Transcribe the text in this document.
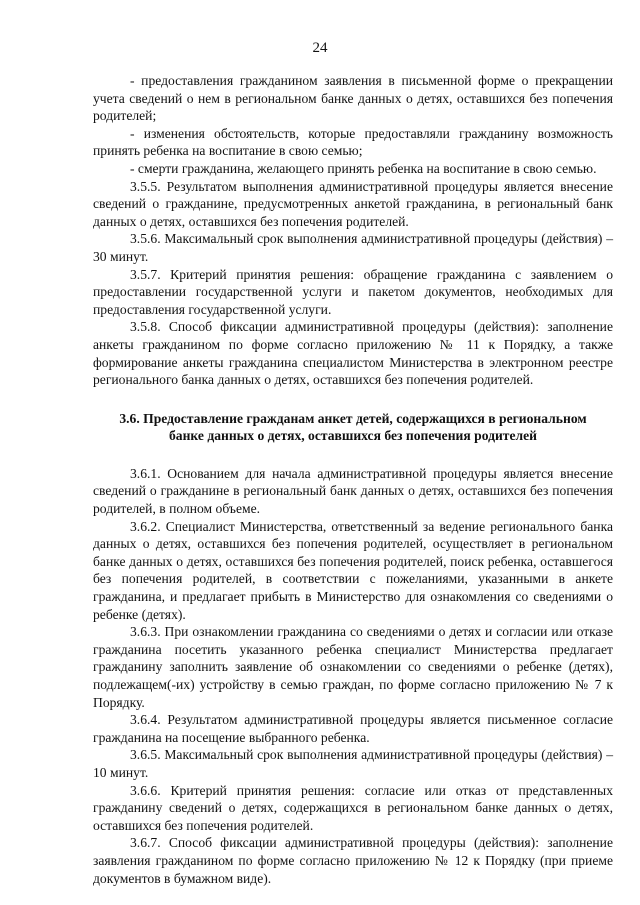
24

- предоставления гражданином заявления в письменной форме о прекращении учета сведений о нем в региональном банке данных о детях, оставшихся без попечения родителей;

- изменения обстоятельств, которые предоставляли гражданину возможность принять ребенка на воспитание в свою семью;

- смерти гражданина, желающего принять ребенка на воспитание в свою семью.

3.5.5. Результатом выполнения административной процедуры является внесение сведений о гражданине, предусмотренных анкетой гражданина, в региональный банк данных о детях, оставшихся без попечения родителей.

3.5.6. Максимальный срок выполнения административной процедуры (действия) – 30 минут.

3.5.7. Критерий принятия решения: обращение гражданина с заявлением о предоставлении государственной услуги и пакетом документов, необходимых для предоставления государственной услуги.

3.5.8. Способ фиксации административной процедуры (действия): заполнение анкеты гражданином по форме согласно приложению № 11 к Порядку, а также формирование анкеты гражданина специалистом Министерства в электронном реестре регионального банка данных о детях, оставшихся без попечения родителей.

3.6. Предоставление гражданам анкет детей, содержащихся в региональном
банке данных о детях, оставшихся без попечения родителей

3.6.1. Основанием для начала административной процедуры является внесение сведений о гражданине в региональный банк данных о детях, оставшихся без попечения родителей, в полном объеме.

3.6.2. Специалист Министерства, ответственный за ведение регионального банка данных о детях, оставшихся без попечения родителей, осуществляет в региональном банке данных о детях, оставшихся без попечения родителей, поиск ребенка, оставшегося без попечения родителей, в соответствии с пожеланиями, указанными в анкете гражданина, и предлагает прибыть в Министерство для ознакомления со сведениями о ребенке (детях).

3.6.3. При ознакомлении гражданина со сведениями о детях и согласии или отказе гражданина посетить указанного ребенка специалист Министерства предлагает гражданину заполнить заявление об ознакомлении со сведениями о ребенке (детях), подлежащем(-их) устройству в семью граждан, по форме согласно приложению № 7 к Порядку.

3.6.4. Результатом административной процедуры является письменное согласие гражданина на посещение выбранного ребенка.

3.6.5. Максимальный срок выполнения административной процедуры (действия) – 10 минут.

3.6.6. Критерий принятия решения: согласие или отказ от представленных гражданину сведений о детях, содержащихся в региональном банке данных о детях, оставшихся без попечения родителей.

3.6.7. Способ фиксации административной процедуры (действия): заполнение заявления гражданином по форме согласно приложению № 12 к Порядку (при приеме документов в бумажном виде).
